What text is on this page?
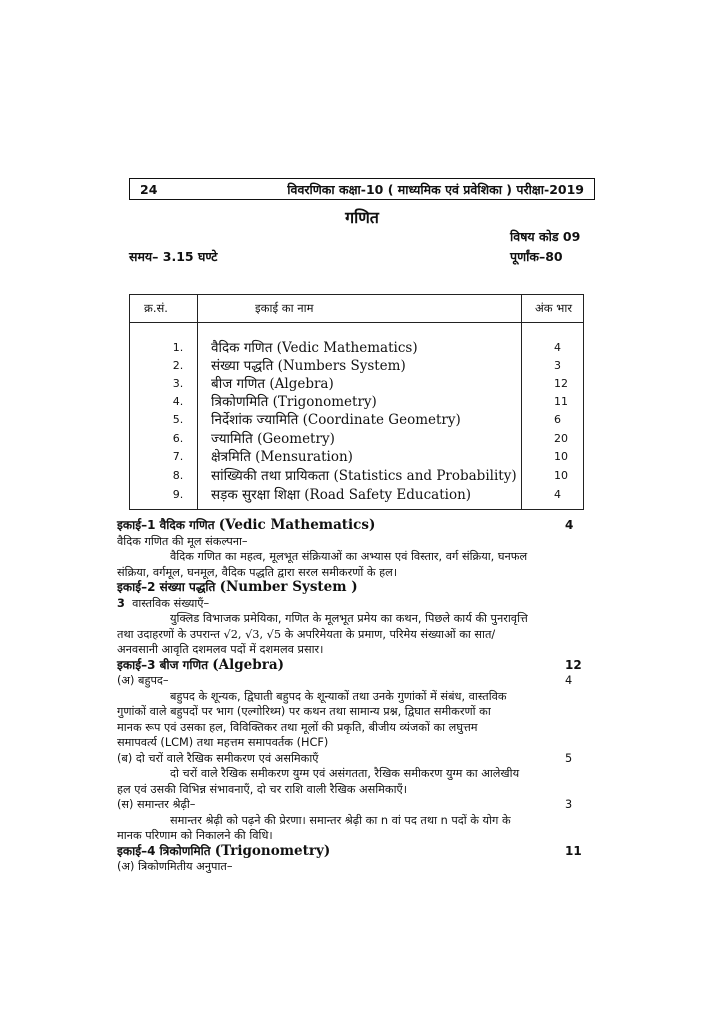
24	विवरणिका कक्षा-10 ( माध्यमिक एवं प्रवेशिका ) परीक्षा-2019
गणित
विषय कोड 09
समय– 3.15 घण्टे	पूर्णांक–80
क्र.सं.	इकाई का नाम	अंक भार
1.	वैदिक गणित (Vedic Mathematics)	4
2.	संख्या पद्धति (Numbers System)	3
3.	बीज गणित (Algebra)	12
4.	त्रिकोणमिति (Trigonometry)	11
5.	निर्देशांक ज्यामिति (Coordinate Geometry)	6
6.	ज्यामिति (Geometry)	20
7.	क्षेत्रमिति (Mensuration)	10
8.	सांख्यिकी तथा प्रायिकता (Statistics and Probability)	10
9.	सड़क सुरक्षा शिक्षा (Road Safety Education)	4
इकाई–1 वैदिक गणित (Vedic Mathematics)	4
वैदिक गणित की मूल संकल्पना–
वैदिक गणित का महत्व, मूलभूत संक्रियाओं का अभ्यास एवं विस्तार, वर्ग संक्रिया, घनफल
संक्रिया, वर्गमूल, घनमूल, वैदिक पद्धति द्वारा सरल समीकरणों के हल।
इकाई–2 संख्या पद्धति (Number System )
3 वास्तविक संख्याएँ–
युक्लिड विभाजक प्रमेयिका, गणित के मूलभूत प्रमेय का कथन, पिछले कार्य की पुनरावृत्ति
तथा उदाहरणों के उपरान्त √2, √3, √5 के अपरिमेयता के प्रमाण, परिमेय संख्याओं का सात/
अनवसानी आवृति दशमलव पदों में दशमलव प्रसार।
इकाई–3 बीज गणित (Algebra)	12
(अ) बहुपद–	4
बहुपद के शून्यक, द्विघाती बहुपद के शून्याकों तथा उनके गुणांकों में संबंध, वास्तविक
गुणांकों वाले बहुपदों पर भाग (एल्गोरिथ्म) पर कथन तथा सामान्य प्रश्न, द्विघात समीकरणों का
मानक रूप एवं उसका हल, विविक्तिकर तथा मूलों की प्रकृति, बीजीय व्यंजकों का लघुत्तम
समापवर्त्य (LCM) तथा महत्तम समापवर्तक (HCF)
(ब) दो चरों वाले रैखिक समीकरण एवं असमिकाएँ	5
दो चरों वाले रैखिक समीकरण युग्म एवं असंगतता, रैखिक समीकरण युग्म का आलेखीय
हल एवं उसकी विभिन्न संभावनाएँ, दो चर राशि वाली रैखिक असमिकाएँ।
(स) समान्तर श्रेढ़ी–	3
समान्तर श्रेढ़ी को पढ़ने की प्रेरणा। समान्तर श्रेढ़ी का n वां पद तथा n पदों के योग के
मानक परिणाम को निकालने की विधि।
इकाई–4 त्रिकोणमिति (Trigonometry)	11
(अ) त्रिकोणमितीय अनुपात–
